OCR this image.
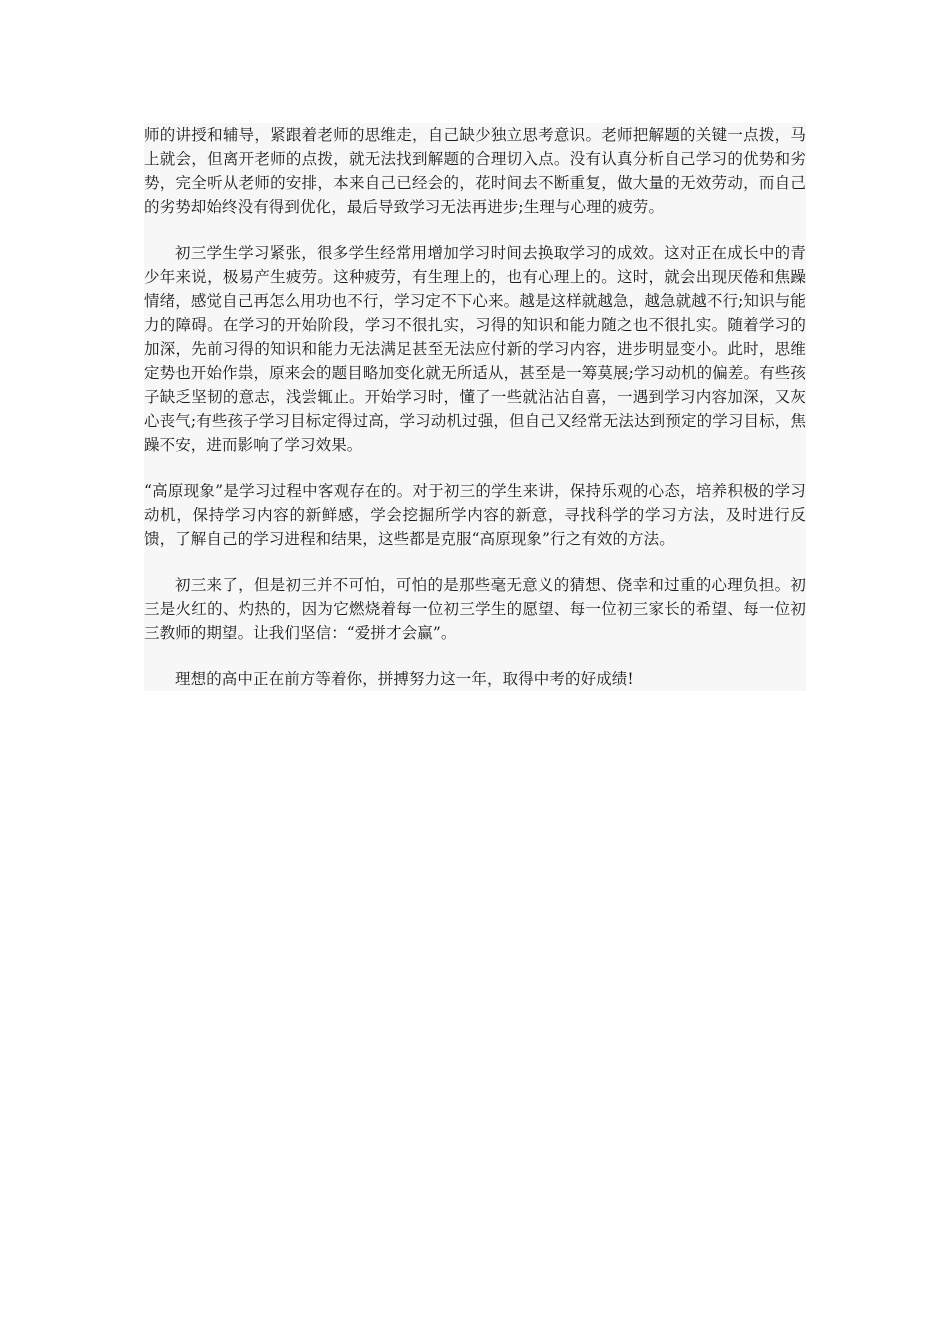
师的讲授和辅导，紧跟着老师的思维走，自己缺少独立思考意识。老师把解题的关键一点拨，马上就会，但离开老师的点拨，就无法找到解题的合理切入点。没有认真分析自己学习的优势和劣势，完全听从老师的安排，本来自己已经会的，花时间去不断重复，做大量的无效劳动，而自己的劣势却始终没有得到优化，最后导致学习无法再进步;生理与心理的疲劳。

初三学生学习紧张，很多学生经常用增加学习时间去换取学习的成效。这对正在成长中的青少年来说，极易产生疲劳。这种疲劳，有生理上的，也有心理上的。这时，就会出现厌倦和焦躁情绪，感觉自己再怎么用功也不行，学习定不下心来。越是这样就越急，越急就越不行;知识与能力的障碍。在学习的开始阶段，学习不很扎实，习得的知识和能力随之也不很扎实。随着学习的加深，先前习得的知识和能力无法满足甚至无法应付新的学习内容，进步明显变小。此时，思维定势也开始作祟，原来会的题目略加变化就无所适从，甚至是一筹莫展;学习动机的偏差。有些孩子缺乏坚韧的意志，浅尝辄止。开始学习时，懂了一些就沾沾自喜，一遇到学习内容加深，又灰心丧气;有些孩子学习目标定得过高，学习动机过强，但自己又经常无法达到预定的学习目标，焦躁不安，进而影响了学习效果。

“高原现象”是学习过程中客观存在的。对于初三的学生来讲，保持乐观的心态，培养积极的学习动机，保持学习内容的新鲜感，学会挖掘所学内容的新意，寻找科学的学习方法，及时进行反馈，了解自己的学习进程和结果，这些都是克服“高原现象”行之有效的方法。

初三来了，但是初三并不可怕，可怕的是那些毫无意义的猜想、侥幸和过重的心理负担。初三是火红的、灼热的，因为它燃烧着每一位初三学生的愿望、每一位初三家长的希望、每一位初三教师的期望。让我们坚信：“爱拼才会赢”。

理想的高中正在前方等着你，拼搏努力这一年，取得中考的好成绩!
